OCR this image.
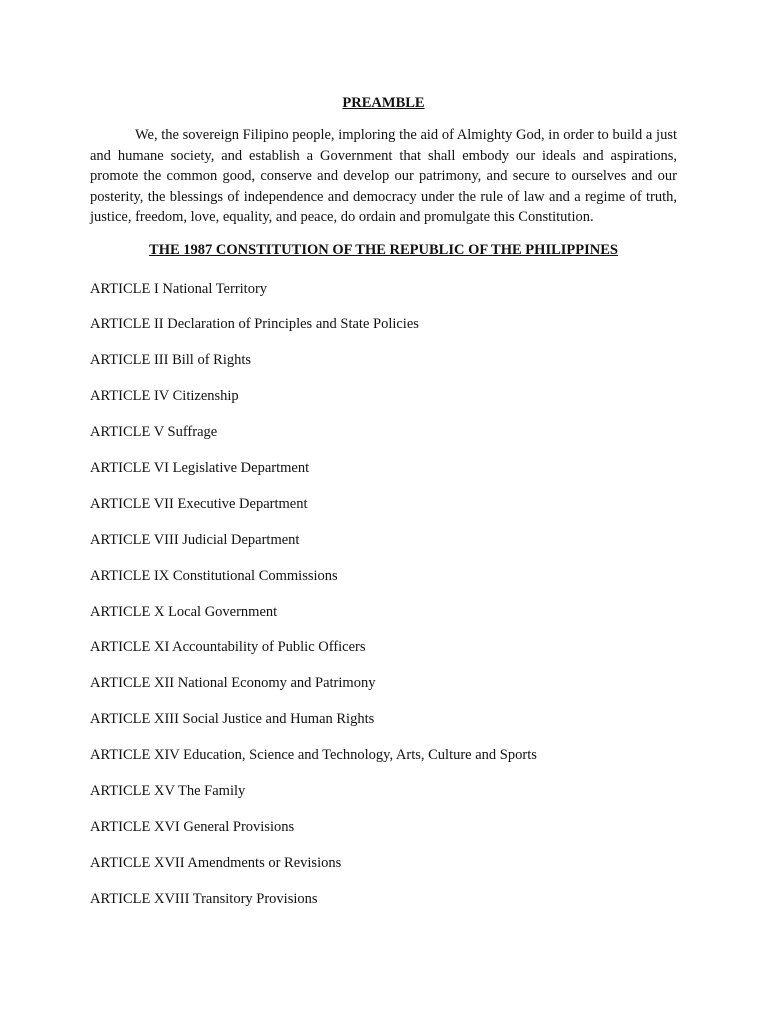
PREAMBLE

We, the sovereign Filipino people, imploring the aid of Almighty God, in order to build a just and humane society, and establish a Government that shall embody our ideals and aspirations, promote the common good, conserve and develop our patrimony, and secure to ourselves and our posterity, the blessings of independence and democracy under the rule of law and a regime of truth, justice, freedom, love, equality, and peace, do ordain and promulgate this Constitution.

THE 1987 CONSTITUTION OF THE REPUBLIC OF THE PHILIPPINES
ARTICLE I National Territory
ARTICLE II Declaration of Principles and State Policies
ARTICLE III Bill of Rights
ARTICLE IV Citizenship
ARTICLE V Suffrage
ARTICLE VI Legislative Department
ARTICLE VII Executive Department
ARTICLE VIII Judicial Department
ARTICLE IX Constitutional Commissions
ARTICLE X Local Government
ARTICLE XI Accountability of Public Officers
ARTICLE XII National Economy and Patrimony
ARTICLE XIII Social Justice and Human Rights
ARTICLE XIV Education, Science and Technology, Arts, Culture and Sports
ARTICLE XV The Family
ARTICLE XVI General Provisions
ARTICLE XVII Amendments or Revisions
ARTICLE XVIII Transitory Provisions
